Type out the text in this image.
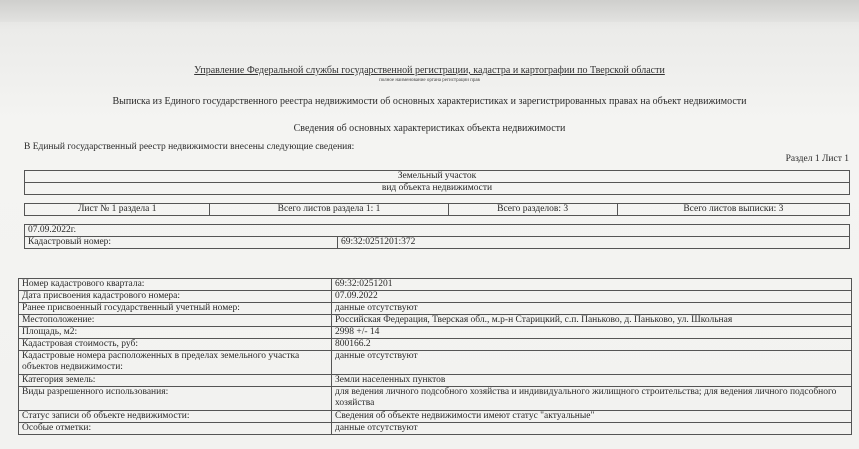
Управление Федеральной службы государственной регистрации, кадастра и картографии по Тверской области
полное наименование органа регистрации прав
Выписка из Единого государственного реестра недвижимости об основных характеристиках и зарегистрированных правах на объект недвижимости
Сведения об основных характеристиках объекта недвижимости
В Единый государственный реестр недвижимости внесены следующие сведения:
Раздел 1 Лист 1
Земельный участок
вид объекта недвижимости
Лист № 1 раздела 1	Всего листов раздела 1: 1	Всего разделов: 3	Всего листов выписки: 3
07.09.2022г.
Кадастровый номер:	69:32:0251201:372
Номер кадастрового квартала:	69:32:0251201
Дата присвоения кадастрового номера:	07.09.2022
Ранее присвоенный государственный учетный номер:	данные отсутствуют
Местоположение:	Российская Федерация, Тверская обл., м.р-н Старицкий, с.п. Паньково, д. Паньково, ул. Школьная
Площадь, м2:	2998 +/- 14
Кадастровая стоимость, руб:	800166.2
Кадастровые номера расположенных в пределах земельного участка объектов недвижимости:	данные отсутствуют
Категория земель:	Земли населенных пунктов
Виды разрешенного использования:	для ведения личного подсобного хозяйства и индивидуального жилищного строительства; для ведения личного подсобного хозяйства
Статус записи об объекте недвижимости:	Сведения об объекте недвижимости имеют статус "актуальные"
Особые отметки:	данные отсутствуют
